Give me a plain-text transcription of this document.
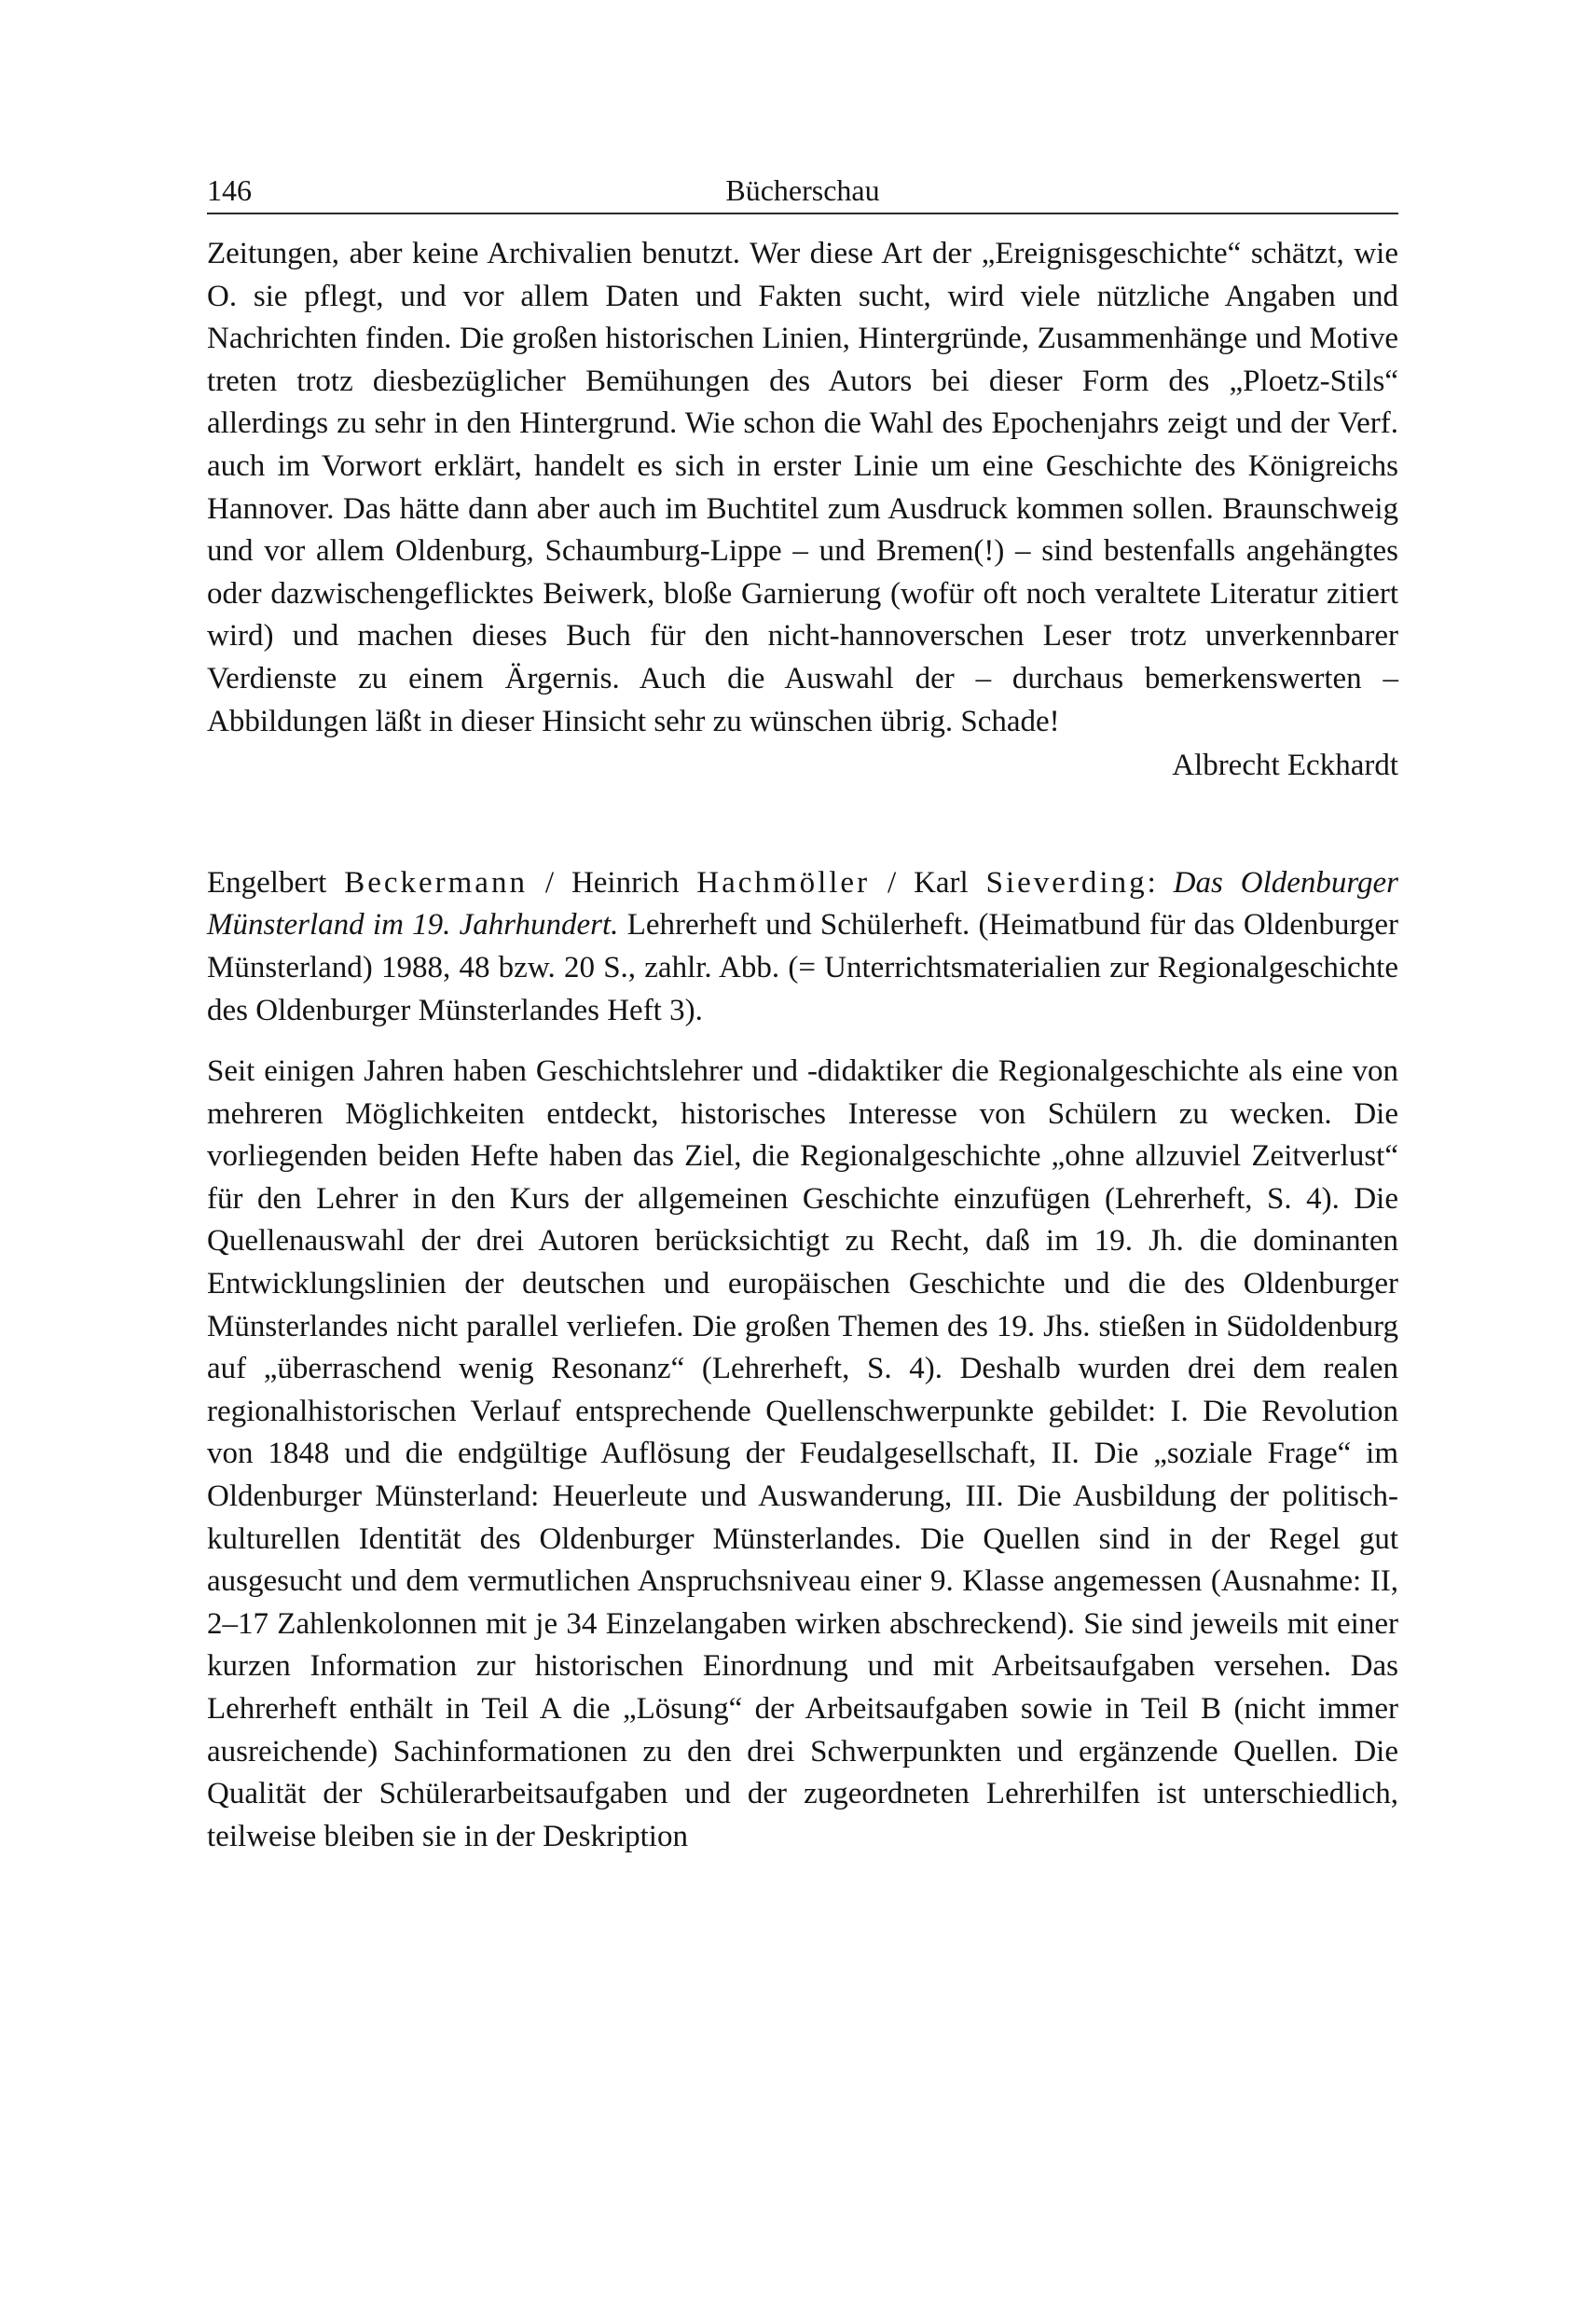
146	Bücherschau

Zeitungen, aber keine Archivalien benutzt. Wer diese Art der „Ereignisgeschichte“ schätzt, wie O. sie pflegt, und vor allem Daten und Fakten sucht, wird viele nützliche Angaben und Nachrichten finden. Die großen historischen Linien, Hintergründe, Zusammenhänge und Motive treten trotz diesbezüglicher Bemühungen des Autors bei dieser Form des „Ploetz-Stils“ allerdings zu sehr in den Hintergrund. Wie schon die Wahl des Epochenjahrs zeigt und der Verf. auch im Vorwort erklärt, handelt es sich in erster Linie um eine Geschichte des Königreichs Hannover. Das hätte dann aber auch im Buchtitel zum Ausdruck kommen sollen. Braunschweig und vor allem Oldenburg, Schaumburg-Lippe – und Bremen(!) – sind bestenfalls angehängtes oder dazwischengeflicktes Beiwerk, bloße Garnierung (wofür oft noch veraltete Literatur zitiert wird) und machen dieses Buch für den nicht-hannoverschen Leser trotz unverkennbarer Verdienste zu einem Ärgernis. Auch die Auswahl der – durchaus bemerkenswerten – Abbildungen läßt in dieser Hinsicht sehr zu wünschen übrig. Schade!

Albrecht Eckhardt

Engelbert Beckermann / Heinrich Hachmöller / Karl Sieverding: Das Oldenburger Münsterland im 19. Jahrhundert. Lehrerheft und Schülerheft. (Heimatbund für das Oldenburger Münsterland) 1988, 48 bzw. 20 S., zahlr. Abb. (= Unterrichtsmaterialien zur Regionalgeschichte des Oldenburger Münsterlandes Heft 3).

Seit einigen Jahren haben Geschichtslehrer und -didaktiker die Regionalgeschichte als eine von mehreren Möglichkeiten entdeckt, historisches Interesse von Schülern zu wecken. Die vorliegenden beiden Hefte haben das Ziel, die Regionalgeschichte „ohne allzuviel Zeitverlust“ für den Lehrer in den Kurs der allgemeinen Geschichte einzufügen (Lehrerheft, S. 4). Die Quellenauswahl der drei Autoren berücksichtigt zu Recht, daß im 19. Jh. die dominanten Entwicklungslinien der deutschen und europäischen Geschichte und die des Oldenburger Münsterlandes nicht parallel verliefen. Die großen Themen des 19. Jhs. stießen in Südoldenburg auf „überraschend wenig Resonanz“ (Lehrerheft, S. 4). Deshalb wurden drei dem realen regionalhistorischen Verlauf entsprechende Quellenschwerpunkte gebildet: I. Die Revolution von 1848 und die endgültige Auflösung der Feudalgesellschaft, II. Die „soziale Frage“ im Oldenburger Münsterland: Heuerleute und Auswanderung, III. Die Ausbildung der politisch-kulturellen Identität des Oldenburger Münsterlandes. Die Quellen sind in der Regel gut ausgesucht und dem vermutlichen Anspruchsniveau einer 9. Klasse angemessen (Ausnahme: II, 2–17 Zahlenkolonnen mit je 34 Einzelangaben wirken abschreckend). Sie sind jeweils mit einer kurzen Information zur historischen Einordnung und mit Arbeitsaufgaben versehen. Das Lehrerheft enthält in Teil A die „Lösung“ der Arbeitsaufgaben sowie in Teil B (nicht immer ausreichende) Sachinformationen zu den drei Schwerpunkten und ergänzende Quellen. Die Qualität der Schülerarbeitsaufgaben und der zugeordneten Lehrerhilfen ist unterschiedlich, teilweise bleiben sie in der Deskription
